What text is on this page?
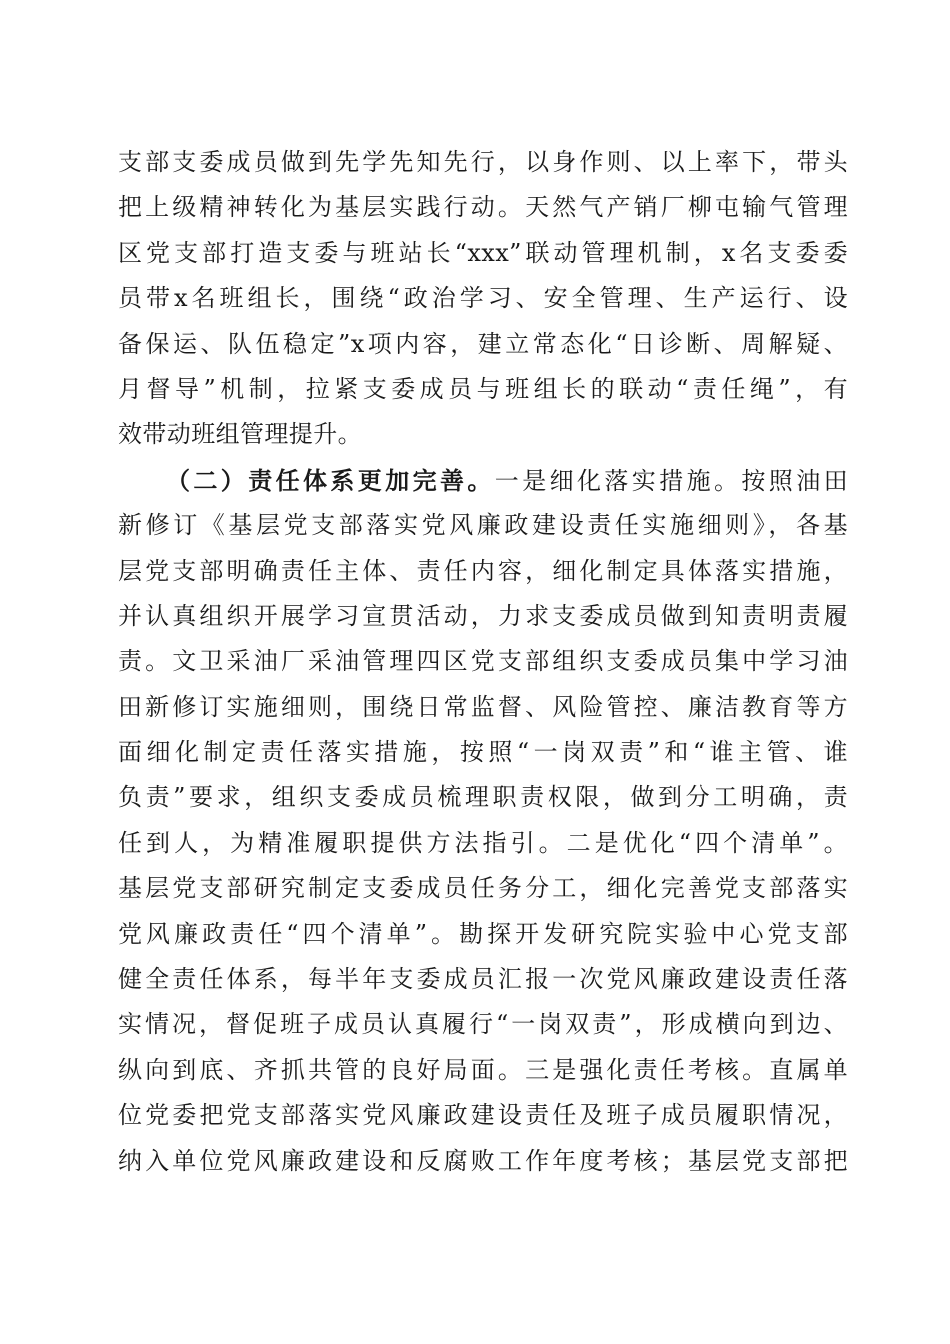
支部支委成员做到先学先知先行，以身作则、以上率下，带头
把上级精神转化为基层实践行动。天然气产销厂柳屯输气管理
区党支部打造支委与班站长“xxx”联动管理机制，x名支委委
员带x名班组长，围绕“政治学习、安全管理、生产运行、设
备保运、队伍稳定”x项内容，建立常态化“日诊断、周解疑、
月督导”机制，拉紧支委成员与班组长的联动“责任绳”，有
效带动班组管理提升。
（二）责任体系更加完善。一是细化落实措施。按照油田
新修订《基层党支部落实党风廉政建设责任实施细则》，各基
层党支部明确责任主体、责任内容，细化制定具体落实措施，
并认真组织开展学习宣贯活动，力求支委成员做到知责明责履
责。文卫采油厂采油管理四区党支部组织支委成员集中学习油
田新修订实施细则，围绕日常监督、风险管控、廉洁教育等方
面细化制定责任落实措施，按照“一岗双责”和“谁主管、谁
负责”要求，组织支委成员梳理职责权限，做到分工明确，责
任到人，为精准履职提供方法指引。二是优化“四个清单”。
基层党支部研究制定支委成员任务分工，细化完善党支部落实
党风廉政责任“四个清单”。勘探开发研究院实验中心党支部
健全责任体系，每半年支委成员汇报一次党风廉政建设责任落
实情况，督促班子成员认真履行“一岗双责”，形成横向到边、
纵向到底、齐抓共管的良好局面。三是强化责任考核。直属单
位党委把党支部落实党风廉政建设责任及班子成员履职情况，
纳入单位党风廉政建设和反腐败工作年度考核；基层党支部把
